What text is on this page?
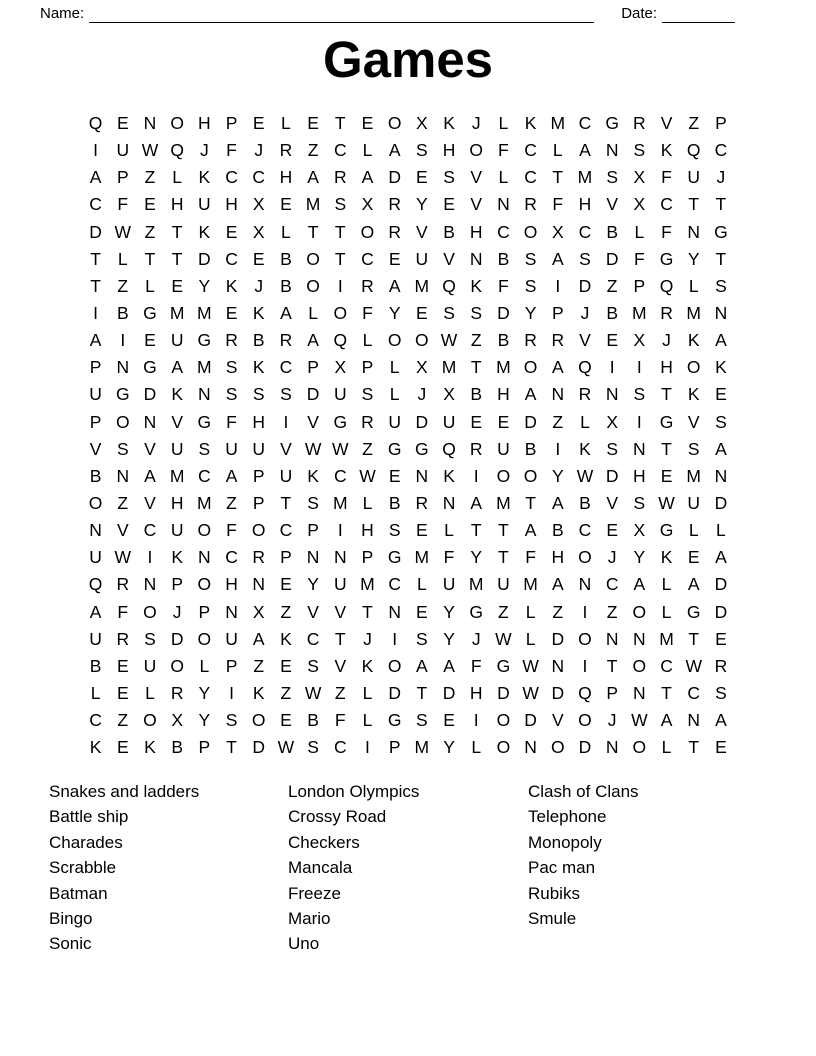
Name:	Date:
Games
Q E N O H P E L E T E O X K J	L K M C G R V Z P
I	U W Q J F J R Z C L A S H O F C L A N S K Q C
A P Z L K C C H A R A D E S V L C T M S X F U J
C F E H U H X E M S X R Y E V N R F H V X C T T
D W Z T K E X L T T O R V B H C O X C B L F N G
T L T T D C E B O T C E U V N B S A S D F G Y T
T Z L E Y K J B O	I	R A M Q K F S	I	D Z P Q L S
I	B G M M E K A L O F Y E S S D Y P J B M R M N
A	I	E U G R B R A Q L O O W Z B R R V E X J K A
P N G A M S K C P X P L X M T M O A Q	I	I	H O K
U G D K N S S S D U S L	J X B H A N R N S T K E
P O N V G F H	I	V G R U D U E E D Z L X	I	G V S
V S V U S U U V W W Z G G Q R U B	I	K S N T S A
B N A M C A P U K C W E N K	I	O O Y W D H E M N
O Z V H M Z P T S M L B R N A M T A B V S W U D
N V C U O F O C P	I	H S E L T T A B C E X G L L
U W I	K N C R P N N P G M F Y T F H O J Y K E A
Q R N P O H N E Y U M C L U M U M A N C A L A D
A F O J P N X Z V V T N E Y G Z L Z	I	Z O L G D
U R S D O U A K C T J	I	S Y J W L D O N N M T E
B E U O L P Z E S V K O A A F G W N	I	T O C W R
L E L R Y	I	K Z W Z L D T D H D W D Q P N T C S
C Z O X Y S O E B F L G S E	I	O D V O J W A N A
K E K B P T D W S C	I	P M Y L O N O D N O L T E
Snakes and ladders
Battle ship
Charades
Scrabble
Batman
Bingo
Sonic
London Olympics
Crossy Road
Checkers
Mancala
Freeze
Mario
Uno
Clash of Clans
Telephone
Monopoly
Pac man
Rubiks
Smule
